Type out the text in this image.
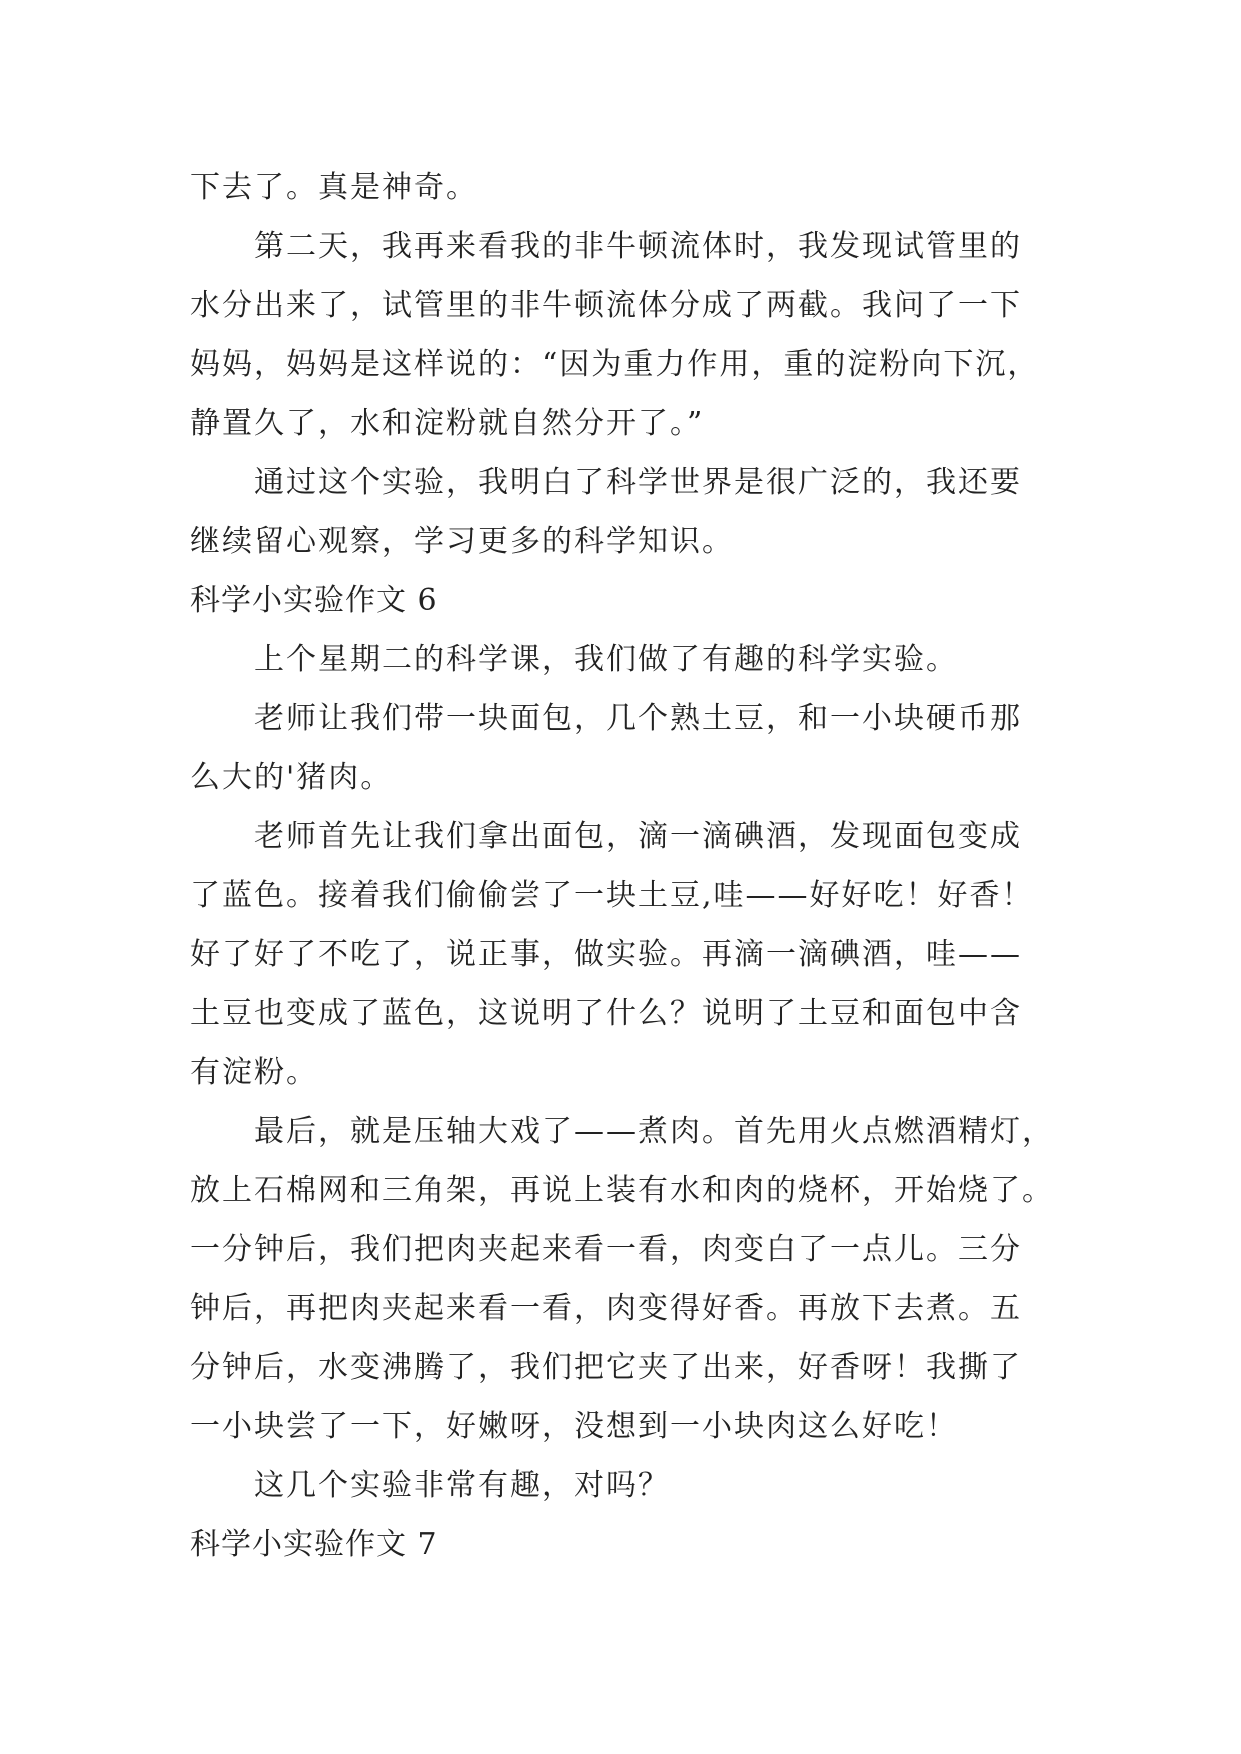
下去了。真是神奇。
第二天，我再来看我的非牛顿流体时，我发现试管里的
水分出来了，试管里的非牛顿流体分成了两截。我问了一下
妈妈，妈妈是这样说的：“因为重力作用，重的淀粉向下沉，
静置久了，水和淀粉就自然分开了。”
通过这个实验，我明白了科学世界是很广泛的，我还要
继续留心观察，学习更多的科学知识。
科学小实验作文 6
上个星期二的科学课，我们做了有趣的科学实验。
老师让我们带一块面包，几个熟土豆，和一小块硬币那
么大的'猪肉。
老师首先让我们拿出面包，滴一滴碘酒，发现面包变成
了蓝色。接着我们偷偷尝了一块土豆,哇——好好吃！好香！
好了好了不吃了，说正事，做实验。再滴一滴碘酒，哇——
土豆也变成了蓝色，这说明了什么？说明了土豆和面包中含
有淀粉。
最后，就是压轴大戏了——煮肉。首先用火点燃酒精灯，
放上石棉网和三角架，再说上装有水和肉的烧杯，开始烧了。
一分钟后，我们把肉夹起来看一看，肉变白了一点儿。三分
钟后，再把肉夹起来看一看，肉变得好香。再放下去煮。五
分钟后，水变沸腾了，我们把它夹了出来，好香呀！我撕了
一小块尝了一下，好嫩呀，没想到一小块肉这么好吃！
这几个实验非常有趣，对吗？
科学小实验作文 7
